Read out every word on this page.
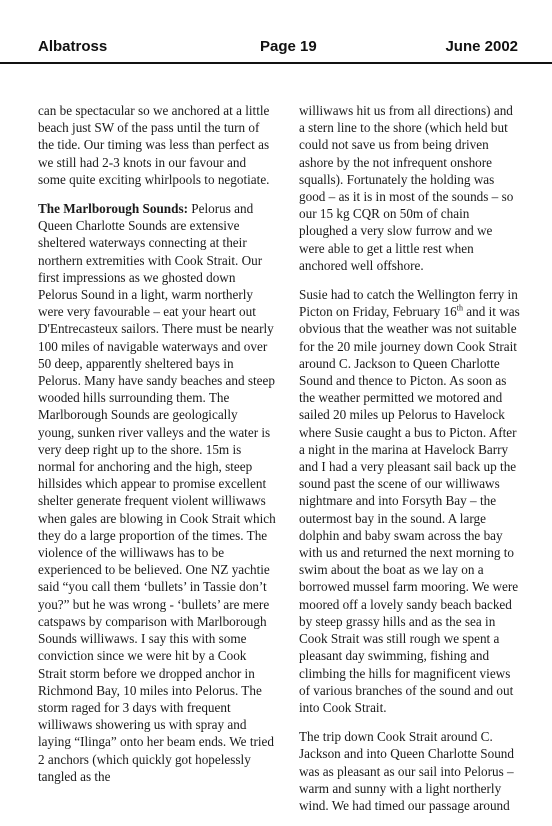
Albatross	Page 19	June 2002

can be spectacular so we anchored at a little beach just SW of the pass until the turn of the tide. Our timing was less than perfect as we still had 2-3 knots in our favour and some quite exciting whirlpools to negotiate.

The Marlborough Sounds: Pelorus and Queen Charlotte Sounds are extensive sheltered waterways connecting at their northern extremities with Cook Strait. Our first impressions as we ghosted down Pelorus Sound in a light, warm northerly were very favourable – eat your heart out D'Entrecasteux sailors. There must be nearly 100 miles of navigable waterways and over 50 deep, apparently sheltered bays in Pelorus. Many have sandy beaches and steep wooded hills surrounding them. The Marlborough Sounds are geologically young, sunken river valleys and the water is very deep right up to the shore. 15m is normal for anchoring and the high, steep hillsides which appear to promise excellent shelter generate frequent violent williwaws when gales are blowing in Cook Strait which they do a large proportion of the times. The violence of the williwaws has to be experienced to be believed. One NZ yachtie said “you call them ‘bullets’ in Tassie don’t you?” but he was wrong - ‘bullets’ are mere catspaws by comparison with Marlborough Sounds williwaws. I say this with some conviction since we were hit by a Cook Strait storm before we dropped anchor in Richmond Bay, 10 miles into Pelorus. The storm raged for 3 days with frequent williwaws showering us with spray and laying “Ilinga” onto her beam ends. We tried 2 anchors (which quickly got hopelessly tangled as the

williwaws hit us from all directions) and a stern line to the shore (which held but could not save us from being driven ashore by the not infrequent onshore squalls). Fortunately the holding was good – as it is in most of the sounds – so our 15 kg CQR on 50m of chain ploughed a very slow furrow and we were able to get a little rest when anchored well offshore.

Susie had to catch the Wellington ferry in Picton on Friday, February 16th and it was obvious that the weather was not suitable for the 20 mile journey down Cook Strait around C. Jackson to Queen Charlotte Sound and thence to Picton. As soon as the weather permitted we motored and sailed 20 miles up Pelorus to Havelock where Susie caught a bus to Picton. After a night in the marina at Havelock Barry and I had a very pleasant sail back up the sound past the scene of our williwaws nightmare and into Forsyth Bay – the outermost bay in the sound. A large dolphin and baby swam across the bay with us and returned the next morning to swim about the boat as we lay on a borrowed mussel farm mooring. We were moored off a lovely sandy beach backed by steep grassy hills and as the sea in Cook Strait was still rough we spent a pleasant day swimming, fishing and climbing the hills for magnificent views of various branches of the sound and out into Cook Strait.

The trip down Cook Strait around C. Jackson and into Queen Charlotte Sound was as pleasant as our sail into Pelorus – warm and sunny with a light northerly wind. We had timed our passage around
